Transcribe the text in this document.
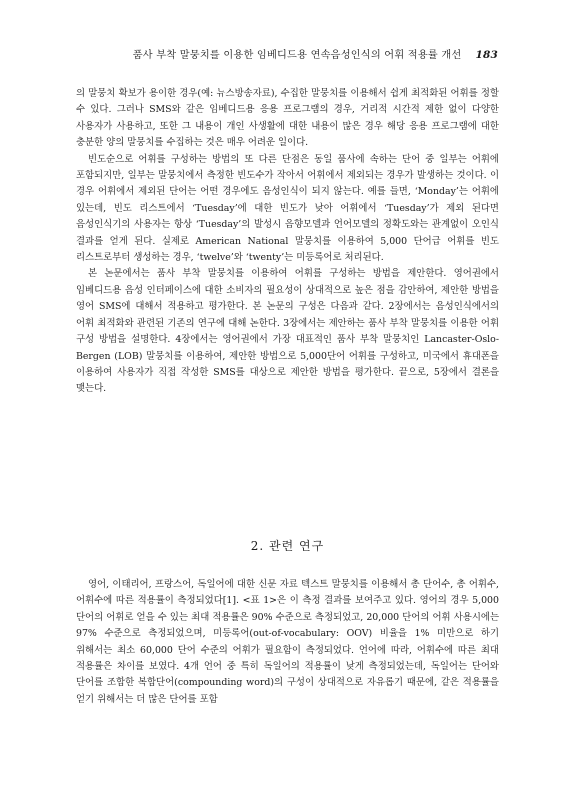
품사 부착 말뭉치를 이용한 임베디드용 연속음성인식의 어휘 적용률 개선 183

의 말뭉치 확보가 용이한 경우(예: 뉴스방송자료), 수집한 말뭉치를 이용해서 쉽게 최적화된 어휘를 정할 수 있다. 그러나 SMS와 같은 임베디드용 응용 프로그램의 경우, 거리적 시간적 제한 없이 다양한 사용자가 사용하고, 또한 그 내용이 개인 사생활에 대한 내용이 많은 경우 해당 응용 프로그램에 대한 충분한 양의 말뭉치를 수집하는 것은 매우 어려운 일이다.

빈도순으로 어휘를 구성하는 방법의 또 다른 단점은 동일 품사에 속하는 단어 중 일부는 어휘에 포함되지만, 일부는 말뭉치에서 측정한 빈도수가 작아서 어휘에서 제외되는 경우가 발생하는 것이다. 이 경우 어휘에서 제외된 단어는 어떤 경우에도 음성인식이 되지 않는다. 예를 들면, ‘Monday’는 어휘에 있는데, 빈도 리스트에서 ‘Tuesday’에 대한 빈도가 낮아 어휘에서 ‘Tuesday’가 제외 된다면 음성인식기의 사용자는 항상 ‘Tuesday’의 발성시 음향모델과 언어모델의 정확도와는 관계없이 오인식 결과를 얻게 된다. 실제로 American National 말뭉치를 이용하여 5,000 단어급 어휘를 빈도 리스트로부터 생성하는 경우, ‘twelve’와 ‘twenty’는 미등록어로 처리된다.

본 논문에서는 품사 부착 말뭉치를 이용하여 어휘를 구성하는 방법을 제안한다. 영어권에서 임베디드용 음성 인터페이스에 대한 소비자의 필요성이 상대적으로 높은 점을 감안하여, 제안한 방법을 영어 SMS에 대해서 적용하고 평가한다. 본 논문의 구성은 다음과 같다. 2장에서는 음성인식에서의 어휘 최적화와 관련된 기존의 연구에 대해 논한다. 3장에서는 제안하는 품사 부착 말뭉치를 이용한 어휘 구성 방법을 설명한다. 4장에서는 영어권에서 가장 대표적인 품사 부착 말뭉치인 Lancaster-Oslo-Bergen (LOB) 말뭉치를 이용하여, 제안한 방법으로 5,000단어 어휘를 구성하고, 미국에서 휴대폰을 이용하여 사용자가 직접 작성한 SMS를 대상으로 제안한 방법을 평가한다. 끝으로, 5장에서 결론을 맺는다.

2. 관련 연구

영어, 이태리어, 프랑스어, 독일어에 대한 신문 자료 텍스트 말뭉치를 이용해서 총 단어수, 총 어휘수, 어휘수에 따른 적용률이 측정되었다[1]. <표 1>은 이 측정 결과를 보여주고 있다. 영어의 경우 5,000 단어의 어휘로 얻을 수 있는 최대 적용률은 90% 수준으로 측정되었고, 20,000 단어의 어휘 사용시에는 97% 수준으로 측정되었으며, 미등록어(out-of-vocabulary: OOV) 비율을 1% 미만으로 하기 위해서는 최소 60,000 단어 수준의 어휘가 필요함이 측정되었다. 언어에 따라, 어휘수에 따른 최대 적용률은 차이를 보였다. 4개 언어 중 특히 독일어의 적용률이 낮게 측정되었는데, 독일어는 단어와 단어를 조합한 복합단어(compounding word)의 구성이 상대적으로 자유롭기 때문에, 같은 적용률을 얻기 위해서는 더 많은 단어를 포함
